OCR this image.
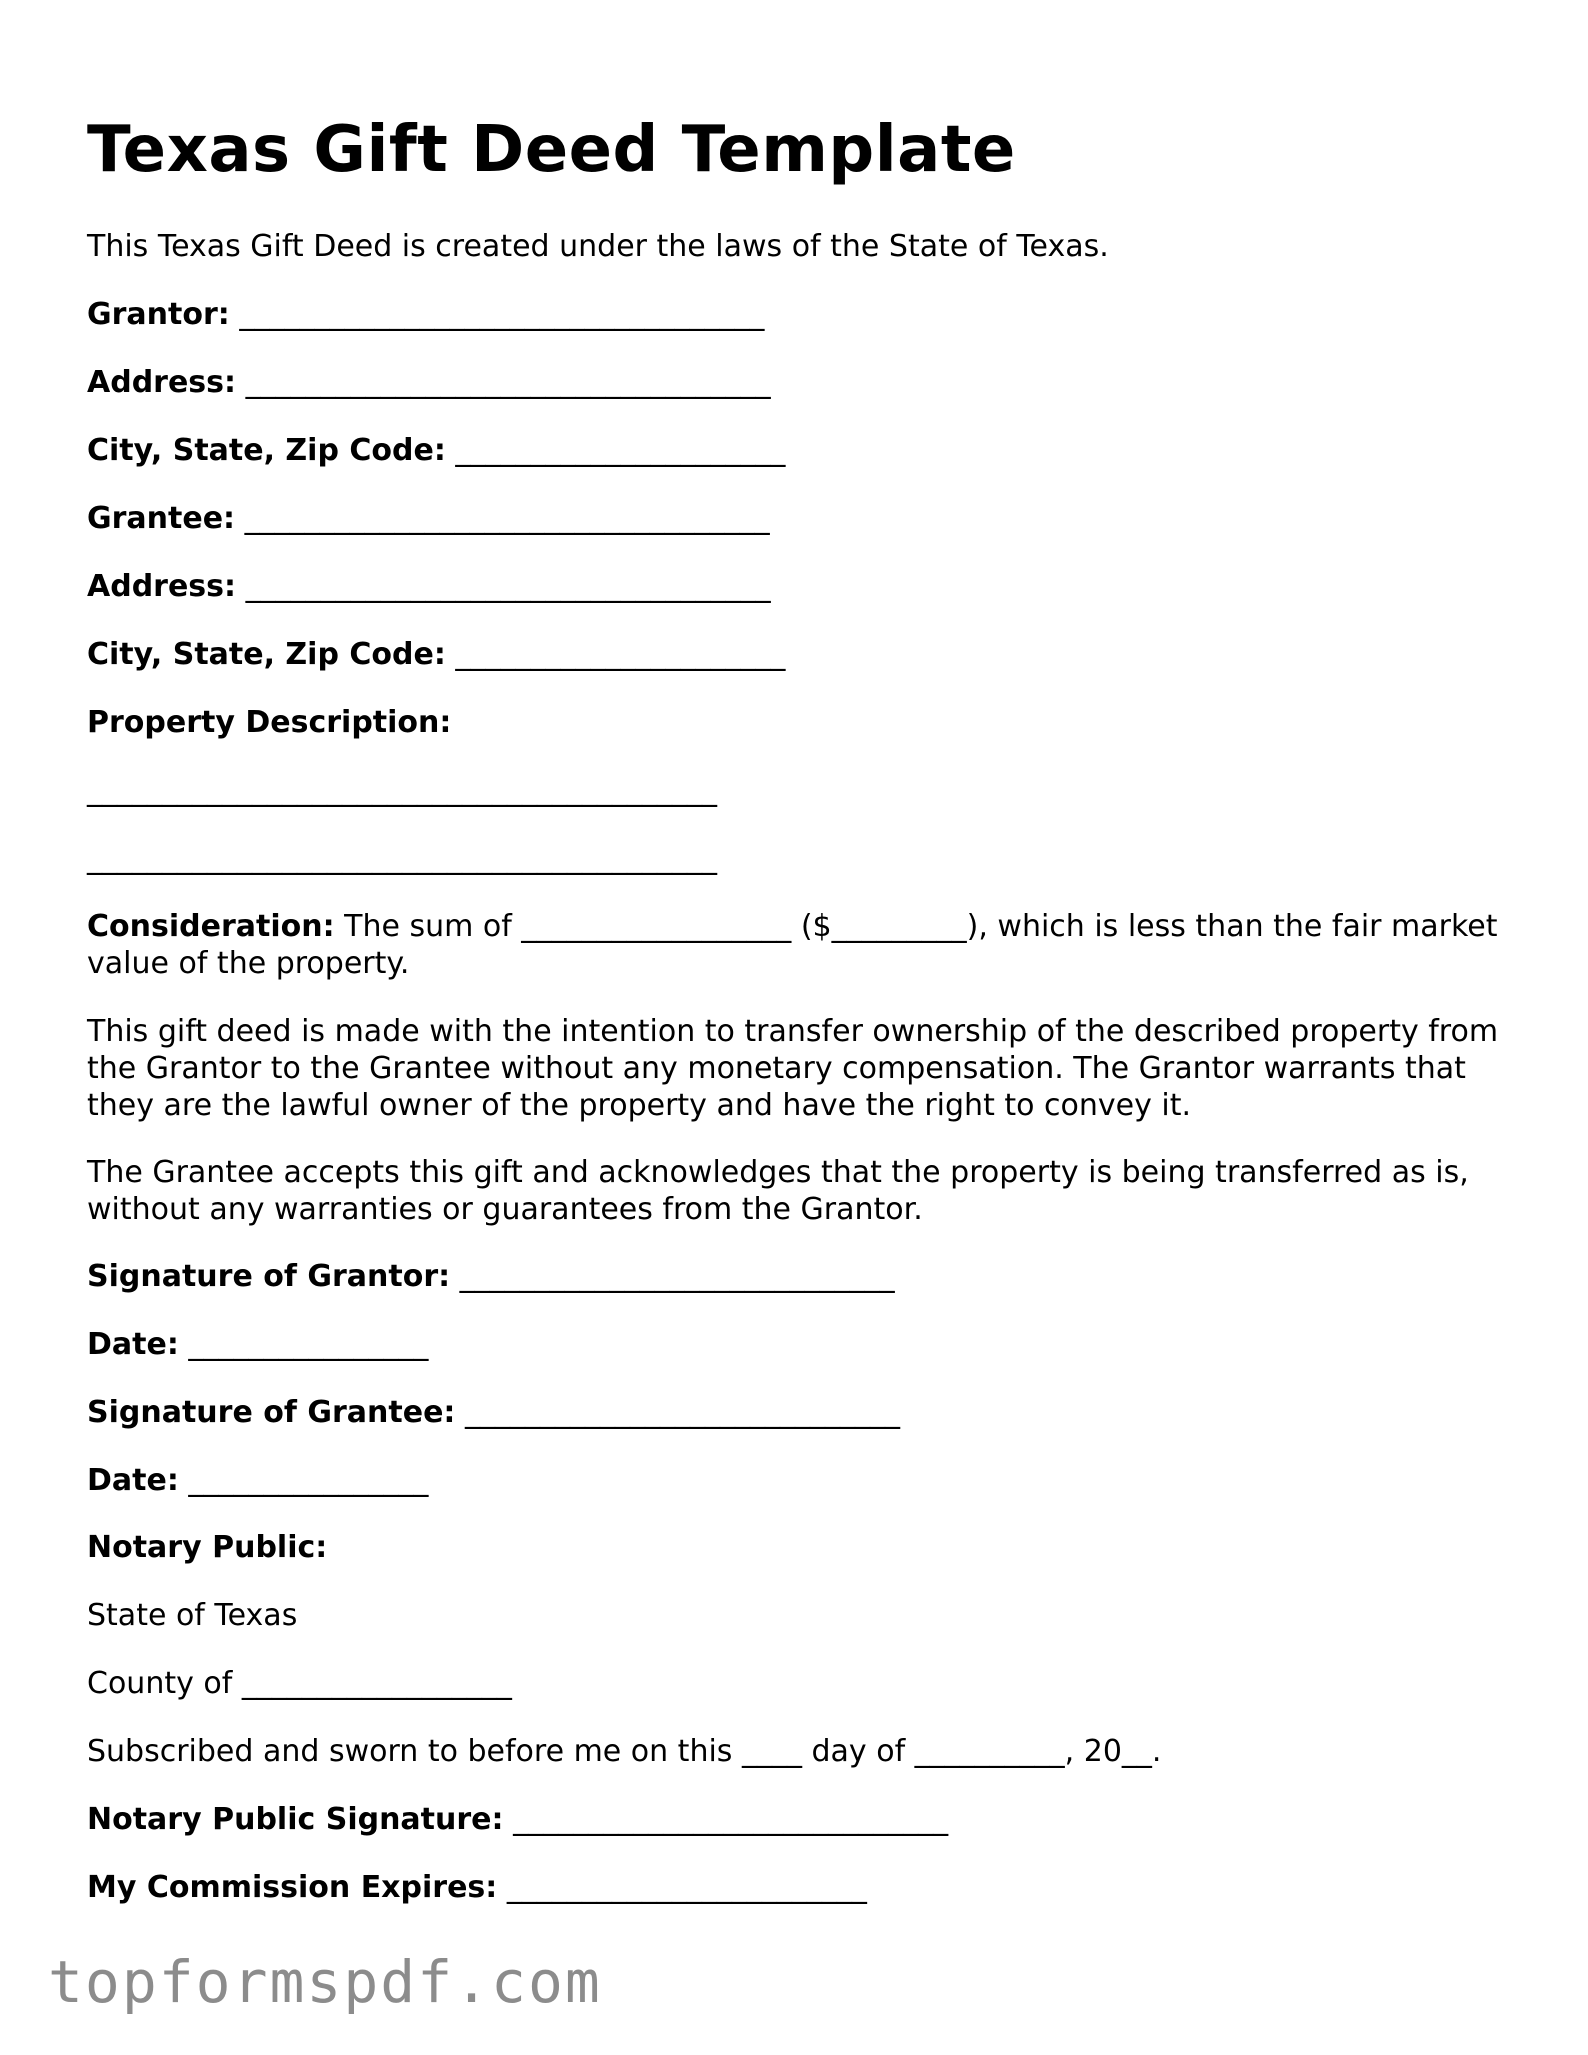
Texas Gift Deed Template

This Texas Gift Deed is created under the laws of the State of Texas.

Grantor: ___________________________________

Address: ___________________________________

City, State, Zip Code: ______________________

Grantee: ___________________________________

Address: ___________________________________

City, State, Zip Code: ______________________

Property Description:

__________________________________________

__________________________________________

Consideration: The sum of __________________ ($_________), which is less than the fair market value of the property.

This gift deed is made with the intention to transfer ownership of the described property from the Grantor to the Grantee without any monetary compensation. The Grantor warrants that they are the lawful owner of the property and have the right to convey it.

The Grantee accepts this gift and acknowledges that the property is being transferred as is, without any warranties or guarantees from the Grantor.

Signature of Grantor: _____________________________

Date: ________________

Signature of Grantee: _____________________________

Date: ________________

Notary Public:

State of Texas

County of __________________

Subscribed and sworn to before me on this ____ day of __________, 20__.

Notary Public Signature: _____________________________

My Commission Expires: ________________________

topformspdf.com
